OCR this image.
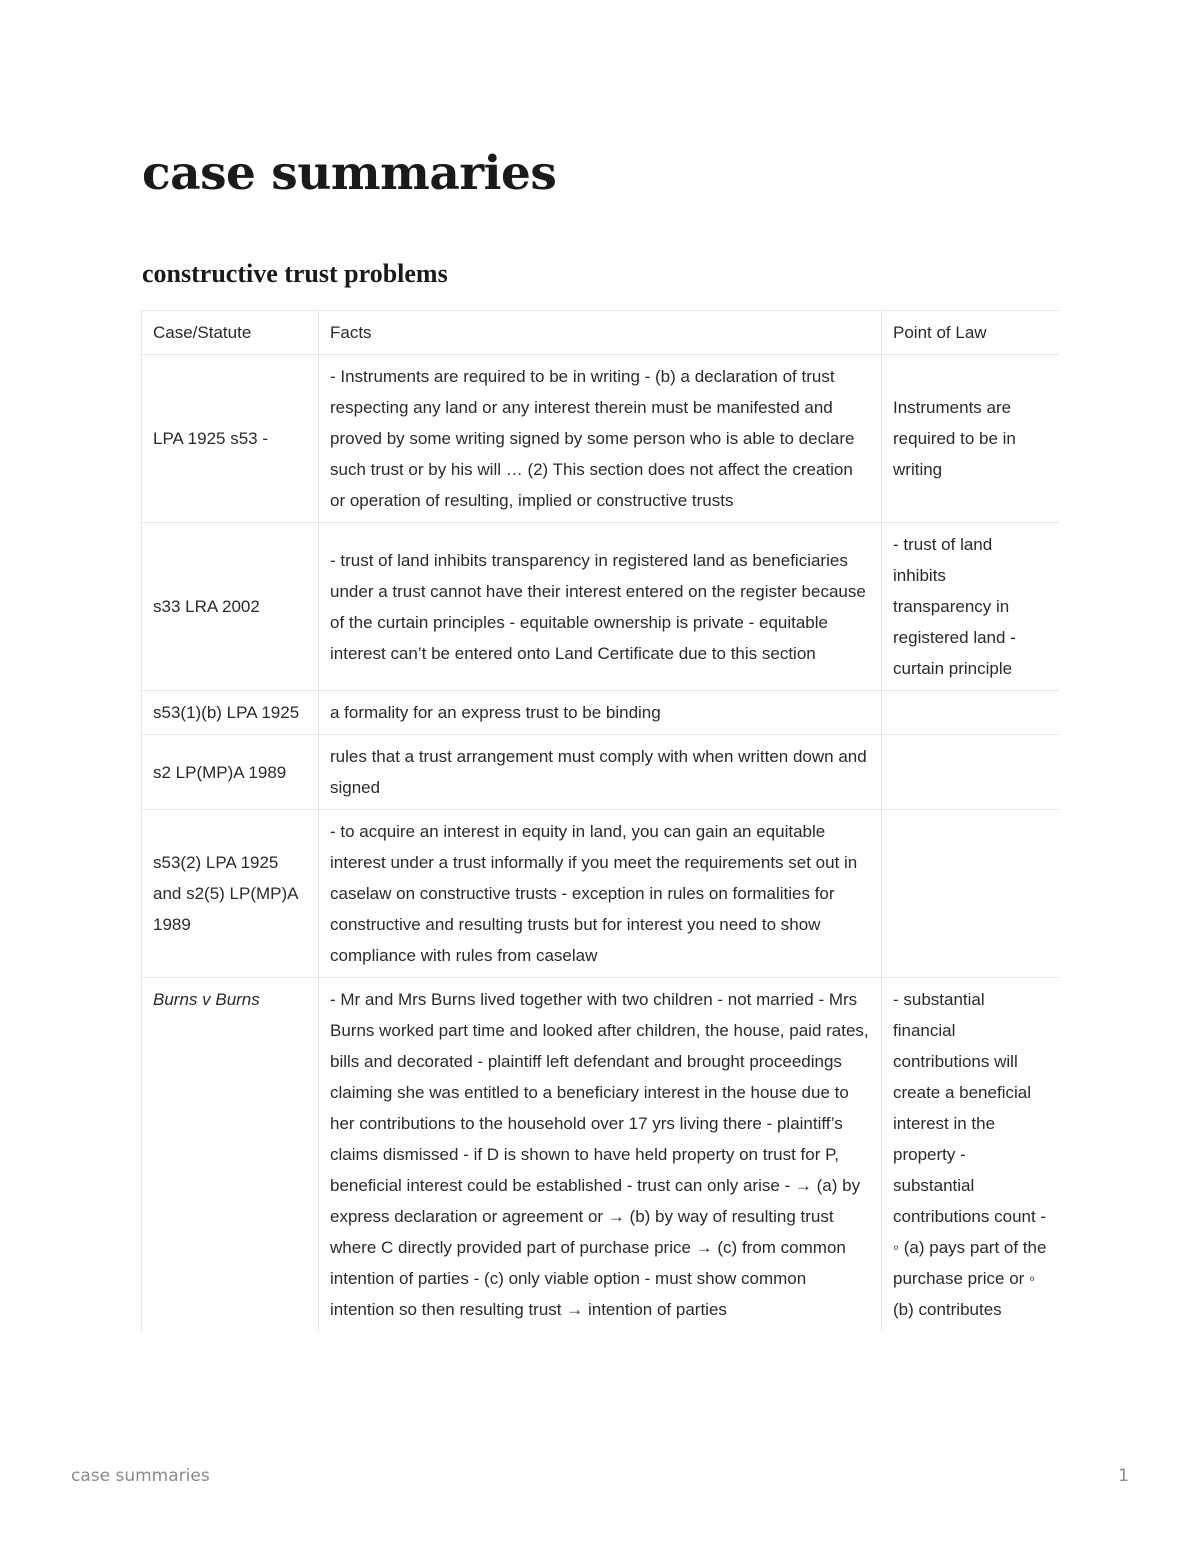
case summaries
constructive trust problems
Case/Statute	Facts	Point of Law
LPA 1925 s53 -	- Instruments are required to be in writing - (b) a declaration of trust respecting any land or any interest therein must be manifested and proved by some writing signed by some person who is able to declare such trust or by his will … (2) This section does not affect the creation or operation of resulting, implied or constructive trusts	Instruments are required to be in writing
s33 LRA 2002	- trust of land inhibits transparency in registered land as beneficiaries under a trust cannot have their interest entered on the register because of the curtain principles - equitable ownership is private - equitable interest can’t be entered onto Land Certificate due to this section	- trust of land inhibits transparency in registered land - curtain principle
s53(1)(b) LPA 1925	a formality for an express trust to be binding	
s2 LP(MP)A 1989	rules that a trust arrangement must comply with when written down and signed	
s53(2) LPA 1925 and s2(5) LP(MP)A 1989	- to acquire an interest in equity in land, you can gain an equitable interest under a trust informally if you meet the requirements set out in caselaw on constructive trusts - exception in rules on formalities for constructive and resulting trusts but for interest you need to show compliance with rules from caselaw	
Burns v Burns	- Mr and Mrs Burns lived together with two children - not married - Mrs Burns worked part time and looked after children, the house, paid rates, bills and decorated - plaintiff left defendant and brought proceedings claiming she was entitled to a beneficiary interest in the house due to her contributions to the household over 17 yrs living there - plaintiff’s claims dismissed - if D is shown to have held property on trust for P, beneficial interest could be established - trust can only arise - → (a) by express declaration or agreement or → (b) by way of resulting trust where C directly provided part of purchase price → (c) from common intention of parties - (c) only viable option - must show common intention so then resulting trust → intention of parties	- substantial financial contributions will create a beneficial interest in the property - substantial contributions count - ◦ (a) pays part of the purchase price or ◦ (b) contributes
case summaries	1
